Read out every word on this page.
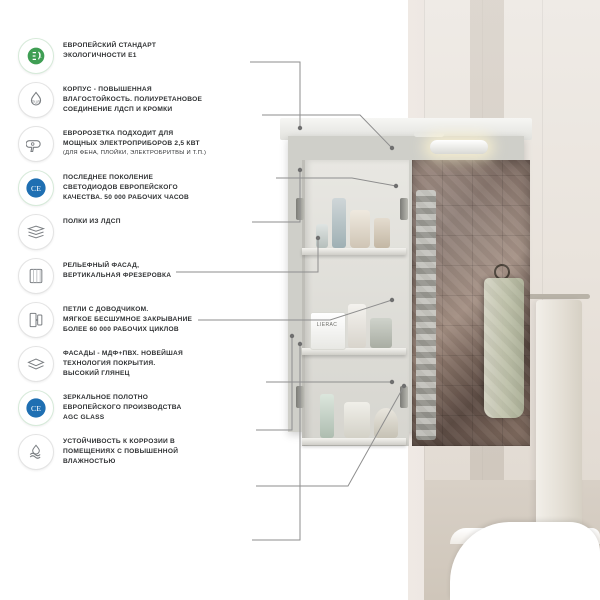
LIERAC
1
ЕВРОПЕЙСКИЙ СТАНДАРТ
ЭКОЛОГИЧНОСТИ Е1
PUR
КОРПУС - ПОВЫШЕННАЯ
ВЛАГОСТОЙКОСТЬ. ПОЛИУРЕТАНОВОЕ
СОЕДИНЕНИЕ ЛДСП И КРОМКИ
ЕВРОРОЗЕТКА ПОДХОДИТ ДЛЯ
МОЩНЫХ ЭЛЕКТРОПРИБОРОВ 2,5 КВТ
(ДЛЯ ФЕНА, ПЛОЙКИ, ЭЛЕКТРОБРИТВЫ И Т.П.)
CE
ПОСЛЕДНЕЕ ПОКОЛЕНИЕ
СВЕТОДИОДОВ ЕВРОПЕЙСКОГО
КАЧЕСТВА. 50 000 РАБОЧИХ ЧАСОВ
ПОЛКИ ИЗ ЛДСП
РЕЛЬЕФНЫЙ ФАСАД,
ВЕРТИКАЛЬНАЯ ФРЕЗЕРОВКА
ПЕТЛИ С ДОВОДЧИКОМ.
МЯГКОЕ БЕСШУМНОЕ ЗАКРЫВАНИЕ
БОЛЕЕ 60 000 РАБОЧИХ ЦИКЛОВ
ФАСАДЫ - МДФ+ПВХ. НОВЕЙШАЯ
ТЕХНОЛОГИЯ ПОКРЫТИЯ.
ВЫСОКИЙ ГЛЯНЕЦ
CE
ЗЕРКАЛЬНОЕ ПОЛОТНО
ЕВРОПЕЙСКОГО ПРОИЗВОДСТВА
AGC GLASS
УСТОЙЧИВОСТЬ К КОРРОЗИИ В
ПОМЕЩЕНИЯХ С ПОВЫШЕННОЙ
ВЛАЖНОСТЬЮ
